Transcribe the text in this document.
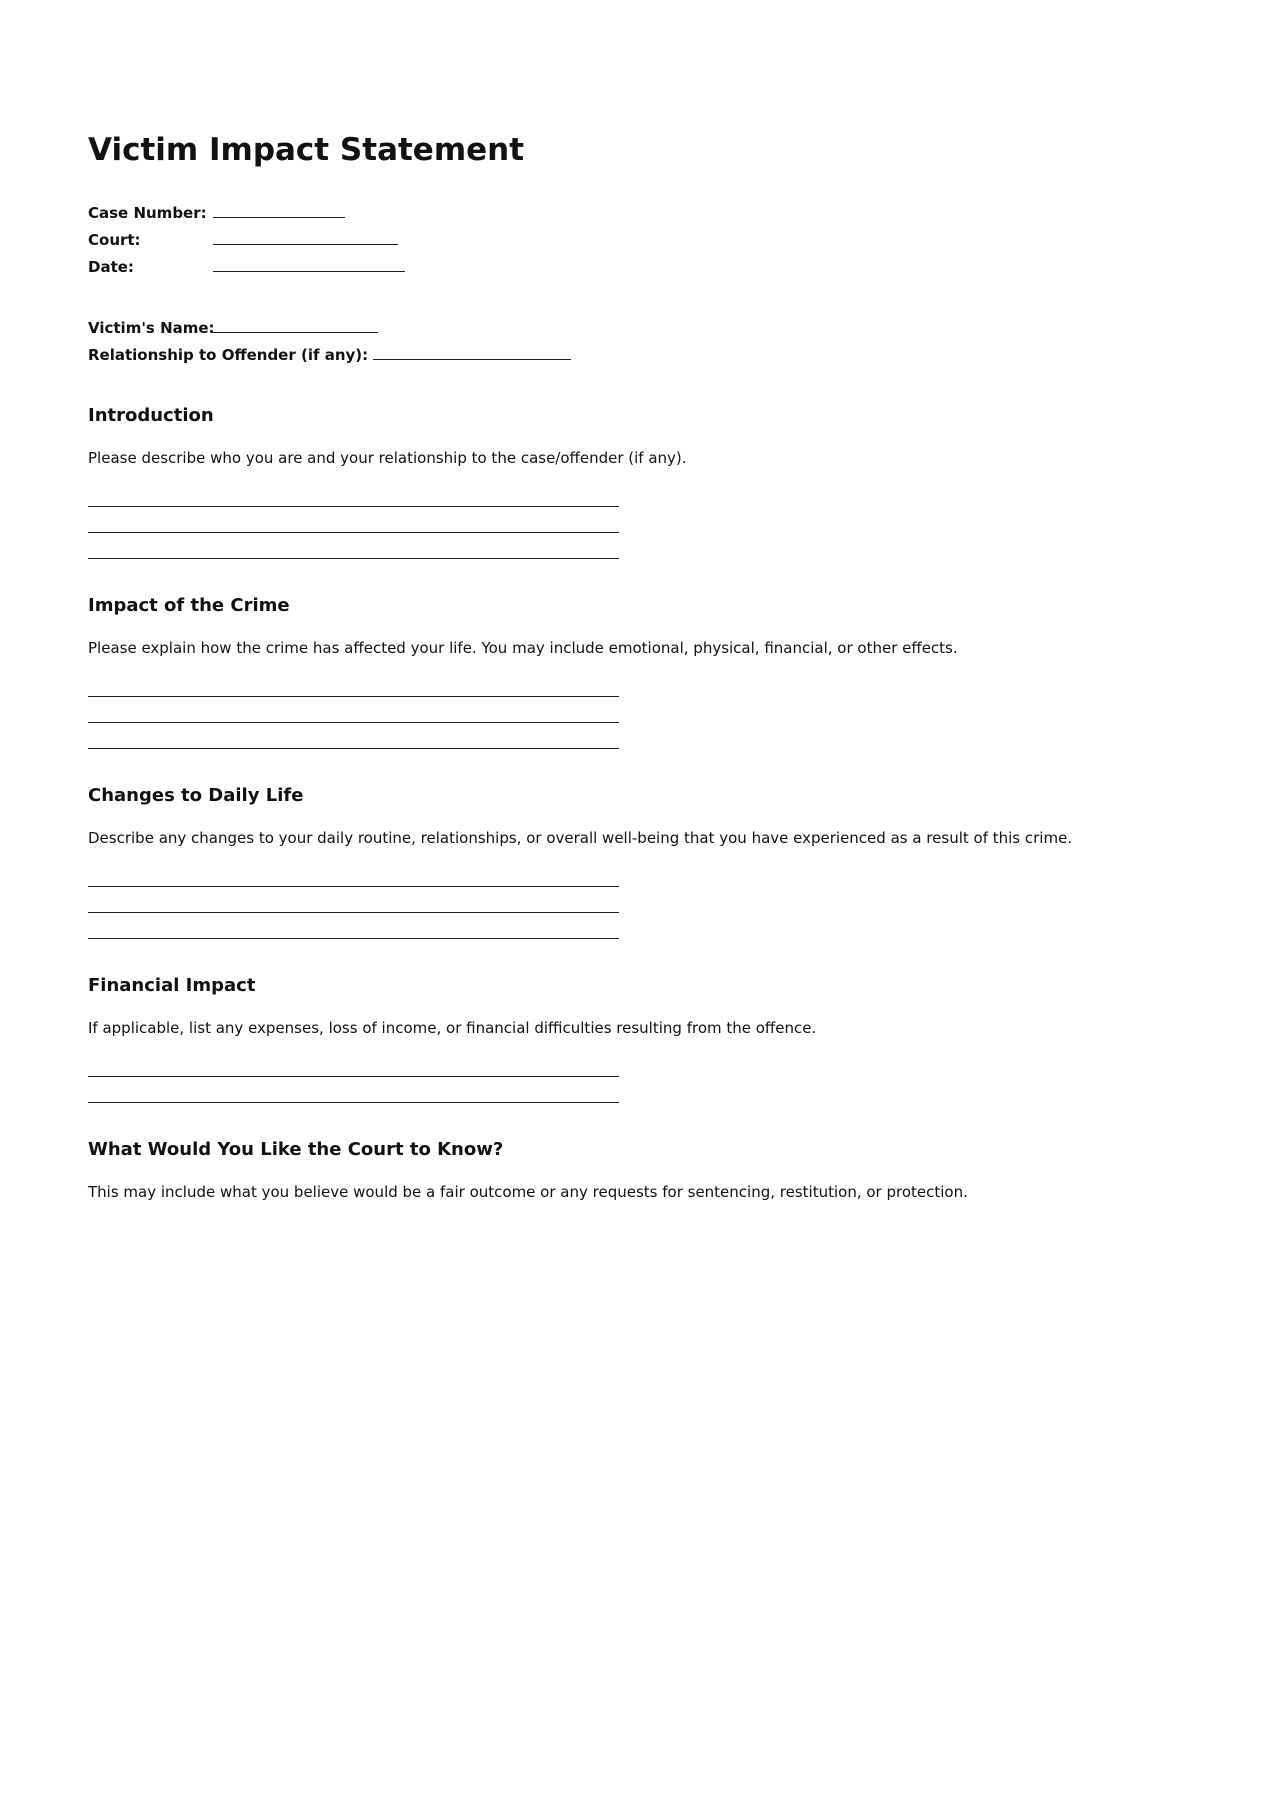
Victim Impact Statement
Case Number:
Court:
Date:
Victim's Name:
Relationship to Offender (if any):
Introduction

Please describe who you are and your relationship to the case/offender (if any).

Impact of the Crime

Please explain how the crime has affected your life. You may include emotional, physical, financial, or other effects.

Changes to Daily Life

Describe any changes to your daily routine, relationships, or overall well-being that you have experienced as a result of this crime.

Financial Impact

If applicable, list any expenses, loss of income, or financial difficulties resulting from the offence.

What Would You Like the Court to Know?

This may include what you believe would be a fair outcome or any requests for sentencing, restitution, or protection.
